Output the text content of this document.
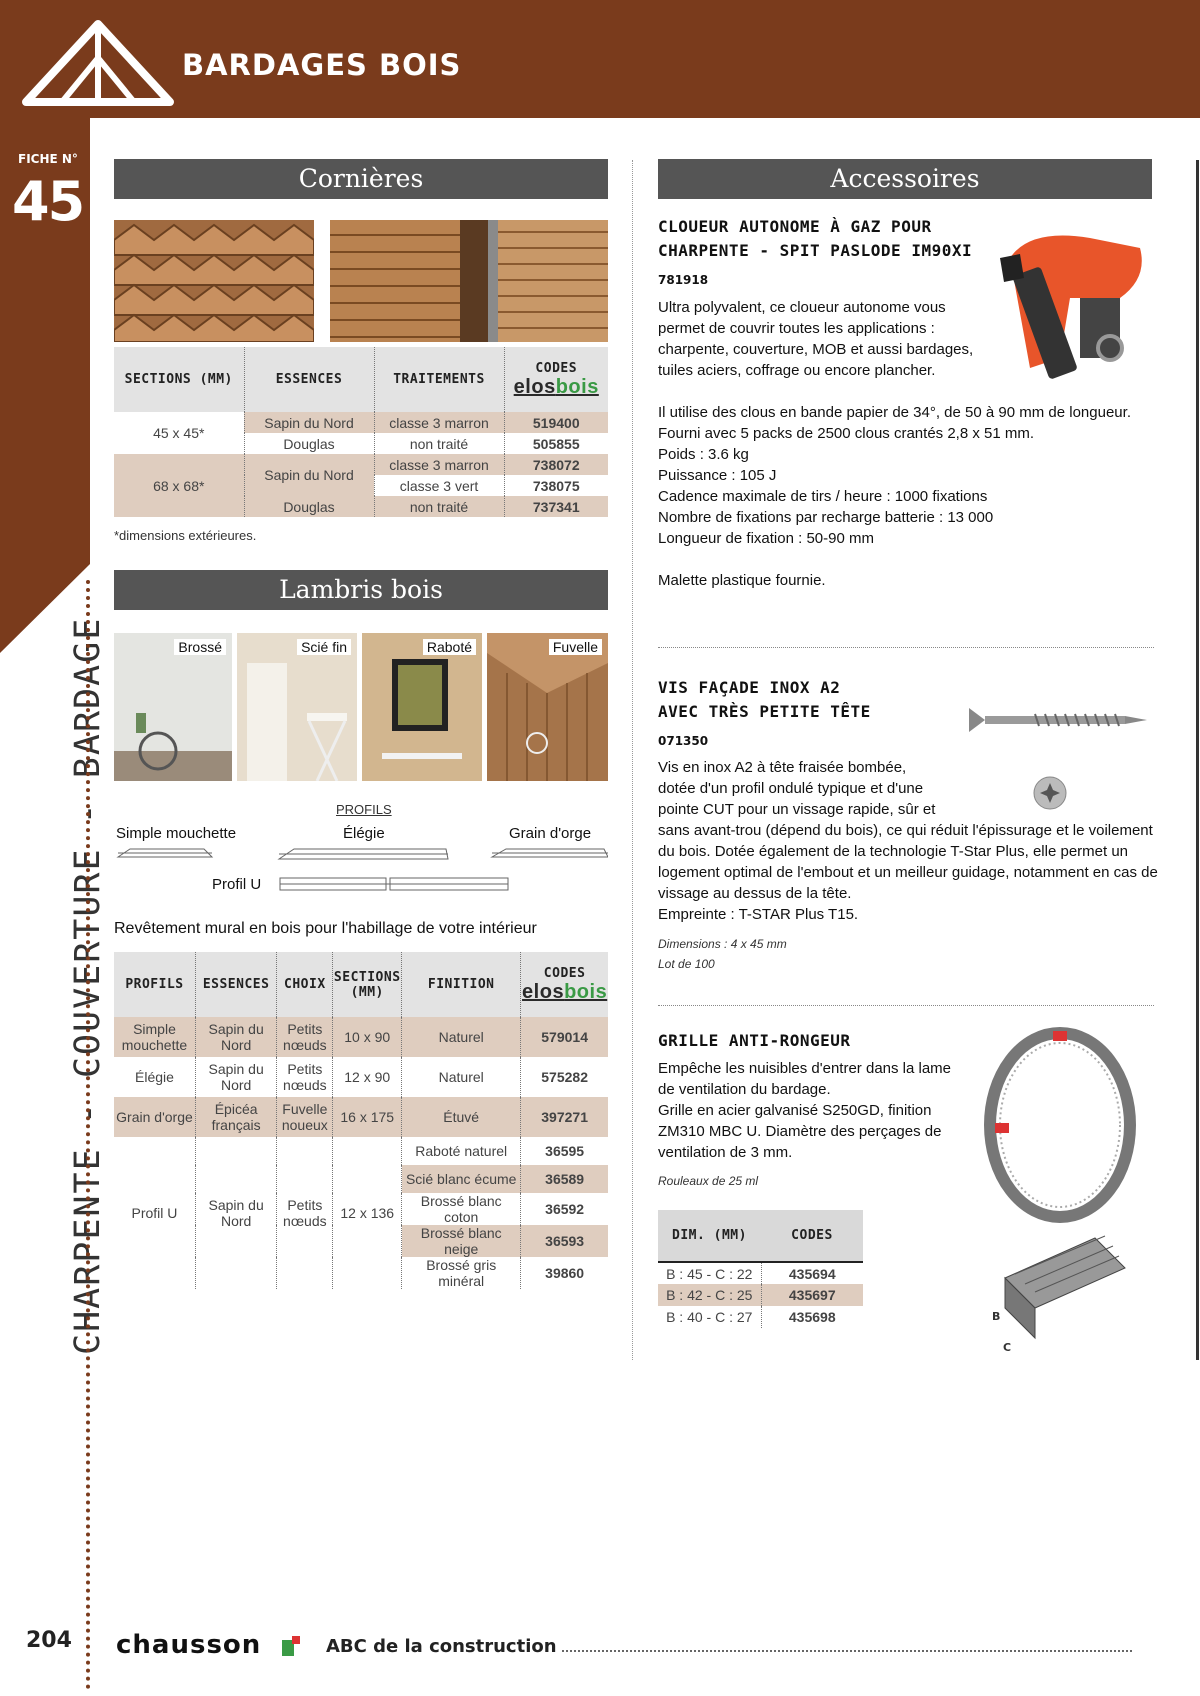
BARDAGES BOIS
FICHE N°
45
CHARPENTE - COUVERTURE - BARDAGE
Cornières
SECTIONS (MM)	ESSENCES	TRAITEMENTS	CODES
elosbois

45 x 45*	Sapin du Nord	classe 3 marron	519400
	Douglas	non traité	505855
68 x 68*	Sapin du Nord	classe 3 marron	738072
		classe 3 vert	738075
	Douglas	non traité	737341
*dimensions extérieures.
Lambris bois
Brossé	Scié fin	Raboté	Fuvelle
PROFILS
Simple mouchette	Élégie	Grain d'orge
Profil U
Revêtement mural en bois pour l'habillage de votre intérieur
PROFILS	ESSENCES	CHOIX	SECTIONS (MM)	FINITION	CODES
elosbois

Simple mouchette	Sapin du Nord	Petits nœuds	10 x 90	Naturel	579014
Élégie	Sapin du Nord	Petits nœuds	12 x 90	Naturel	575282
Grain d'orge	Épicéa français	Fuvelle noueux	16 x 175	Étuvé	397271
Profil U	Sapin du Nord	Petits nœuds	12 x 136	Raboté naturel	36595
				Scié blanc écume	36589
				Brossé blanc coton	36592
				Brossé blanc neige	36593
				Brossé gris minéral	39860
Accessoires
CLOUEUR AUTONOME À GAZ POUR
CHARPENTE - SPIT PASLODE IM90XI
781918
Ultra polyvalent, ce cloueur autonome vous
permet de couvrir toutes les applications :
charpente, couverture, MOB et aussi bardages,
tuiles aciers, coffrage ou encore plancher.
Il utilise des clous en bande papier de 34°, de 50 à 90 mm de longueur. Fourni avec 5 packs de 2500 clous crantés 2,8 x 51 mm.
Poids : 3.6 kg
Puissance : 105 J
Cadence maximale de tirs / heure : 1000 fixations
Nombre de fixations par recharge batterie : 13 000
Longueur de fixation : 50-90 mm
Malette plastique fournie.
VIS FAÇADE INOX A2
AVEC TRÈS PETITE TÊTE
071350
Vis en inox A2 à tête fraisée bombée,
dotée d'un profil ondulé typique et d'une
pointe CUT pour un vissage rapide, sûr et
sans avant-trou (dépend du bois), ce qui réduit l'épissurage et le voilement du bois. Dotée également de la technologie T-Star Plus, elle permet un logement optimal de l'embout et un meilleur guidage, notamment en cas de vissage au dessus de la tête.
Empreinte : T-STAR Plus T15.
Dimensions : 4 x 45 mm
Lot de 100
GRILLE ANTI-RONGEUR
Empêche les nuisibles d'entrer dans la lame
de ventilation du bardage.
Grille en acier galvanisé S250GD, finition
ZM310 MBC U. Diamètre des perçages de
ventilation de 3 mm.
Rouleaux de 25 ml
B
C
DIM. (MM)	CODES
B : 45 - C : 22	435694
B : 42 - C : 25	435697
B : 40 - C : 27	435698
204 chausson	ABC de la construction
